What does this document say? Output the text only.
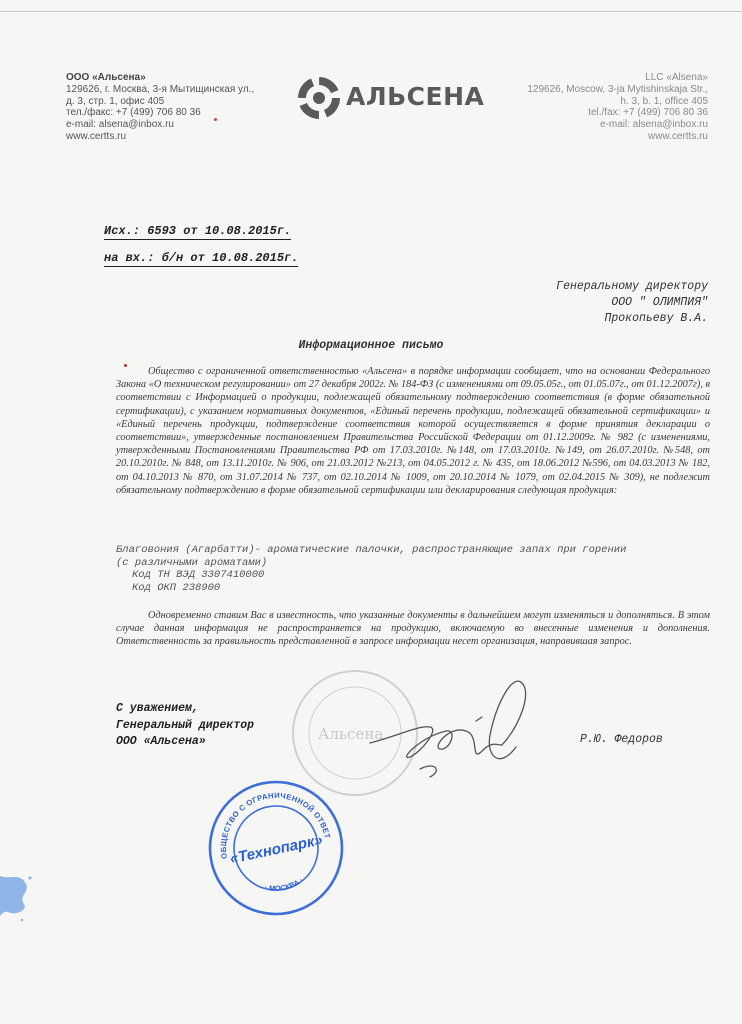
ООО «Альсена»
129626, г. Москва, 3-я Мытищинская ул.,
д. 3, стр. 1, офис 405
тел./факс: +7 (499) 706 80 36
e-mail: alsena@inbox.ru
www.certts.ru
АЛЬСЕНА
LLC «Alsena»
129626, Moscow, 3-ja Mytishinskaja Str.,
h. 3, b. 1, office 405
tel./fax: +7 (499) 706 80 36
e-mail: alsena@inbox.ru
www.certts.ru
Исх.: 6593 от 10.08.2015г.
на вх.: б/н от 10.08.2015г.
Генеральному директору
ООО " ОЛИМПИЯ"
Прокопьеву В.А.
Информационное письмо
Общество с ограниченной ответственностью «Альсена» в порядке информации сообщает, что на основании Федерального Закона «О техническом регулировании» от 27 декабря 2002г. № 184-ФЗ (с изменениями от 09.05.05г., от 01.05.07г., от 01.12.2007г), в соответствии с Информацией о продукции, подлежащей обязательному подтверждению соответствия (в форме обязательной сертификации), с указанием нормативных документов, «Единый перечень продукции, подлежащей обязательной сертификации» и «Единый перечень продукции, подтверждение соответствия которой осуществляется в форме принятия декларации о соответствии», утвержденные постановлением Правительства Российской Федерации от 01.12.2009г. № 982 (с изменениями, утвержденными Постановлениями Правительства РФ от 17.03.2010г. №148, от 17.03.2010г. №149, от 26.07.2010г. №548, от 20.10.2010г. № 848, от 13.11.2010г. № 906, от 21.03.2012 №213, от 04.05.2012 г. № 435, от 18.06.2012 №596, от 04.03.2013 № 182, от 04.10.2013 № 870, от 31.07.2014 № 737, от 02.10.2014 № 1009, от 20.10.2014 № 1079, от 02.04.2015 № 309), не подлежит обязательному подтверждению в форме обязательной сертификации или декларирования следующая продукция:
Благовония (Агарбатти)- ароматические палочки, распространяющие запах при горении
(с различными ароматами)
Код ТН ВЭД 3307410000
Код ОКП 238900
Одновременно ставим Вас в известность, что указанные документы в дальнейшем могут изменяться и дополняться. В этом случае данная информация не распространяется на продукцию, включаемую во внесенные изменения и дополнения. Ответственность за правильность представленной в запросе информации несет организация, направившая запрос.
Альсена
С уважением,
Генеральный директор
ООО «Альсена»	Р.Ю. Федоров
ОБЩЕСТВО С ОГРАНИЧЕННОЙ ОТВЕТСТВЕННОСТЬЮ
· МОСКВА ·
«Технопарк»
